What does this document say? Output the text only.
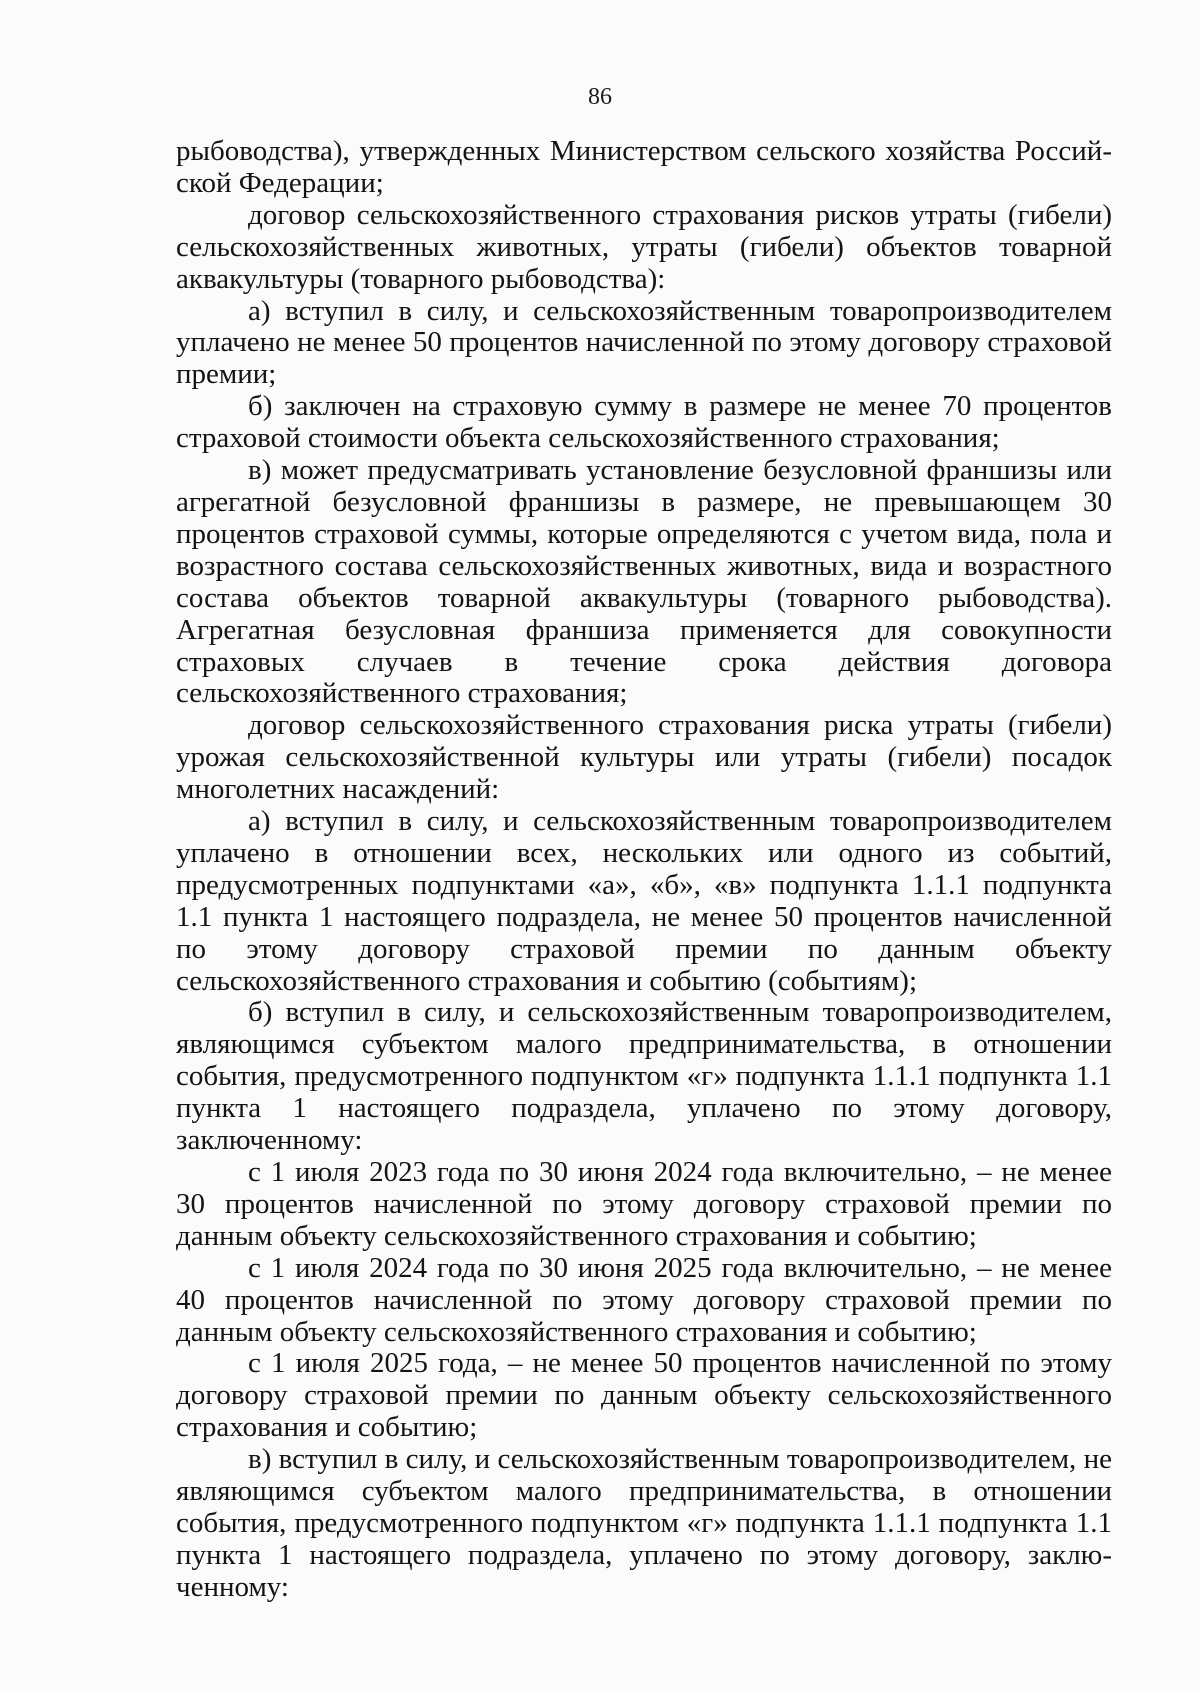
86

рыбоводства), утвержденных Министерством сельского хозяйства Российской Федерации;

договор сельскохозяйственного страхования рисков утраты (гибели) сельскохозяйственных животных, утраты (гибели) объектов товарной аквакультуры (товарного рыбоводства):

а) вступил в силу, и сельскохозяйственным товаропроизводителем уплачено не менее 50 процентов начисленной по этому договору страховой премии;

б) заключен на страховую сумму в размере не менее 70 процентов страховой стоимости объекта сельскохозяйственного страхования;

в) может предусматривать установление безусловной франшизы или агрегатной безусловной франшизы в размере, не превышающем 30 процентов страховой суммы, которые определяются с учетом вида, пола и возрастного состава сельскохозяйственных животных, вида и возрастного состава объектов товарной аквакультуры (товарного рыбоводства). Агрегатная безусловная франшиза применяется для совокупности страховых случаев в течение срока действия договора сельскохозяйственного страхования;

договор сельскохозяйственного страхования риска утраты (гибели) урожая сельскохозяйственной культуры или утраты (гибели) посадок многолетних насаждений:

а) вступил в силу, и сельскохозяйственным товаропроизводителем уплачено в отношении всех, нескольких или одного из событий, предусмотренных подпунктами «а», «б», «в» подпункта 1.1.1 подпункта 1.1 пункта 1 настоящего подраздела, не менее 50 процентов начисленной по этому договору страховой премии по данным объекту сельскохозяйственного страхования и событию (событиям);

б) вступил в силу, и сельскохозяйственным товаропроизводителем, являющимся субъектом малого предпринимательства, в отношении события, предусмотренного подпунктом «г» подпункта 1.1.1 подпункта 1.1 пункта 1 настоящего подраздела, уплачено по этому договору, заключенному:

с 1 июля 2023 года по 30 июня 2024 года включительно, – не менее 30 процентов начисленной по этому договору страховой премии по данным объекту сельскохозяйственного страхования и событию;

с 1 июля 2024 года по 30 июня 2025 года включительно, – не менее 40 процентов начисленной по этому договору страховой премии по данным объекту сельскохозяйственного страхования и событию;

с 1 июля 2025 года, – не менее 50 процентов начисленной по этому договору страховой премии по данным объекту сельскохозяйственного страхования и событию;

в) вступил в силу, и сельскохозяйственным товаропроизводителем, не являющимся субъектом малого предпринимательства, в отношении события, предусмотренного подпунктом «г» подпункта 1.1.1 подпункта 1.1 пункта 1 настоящего подраздела, уплачено по этому договору, заключенному:
